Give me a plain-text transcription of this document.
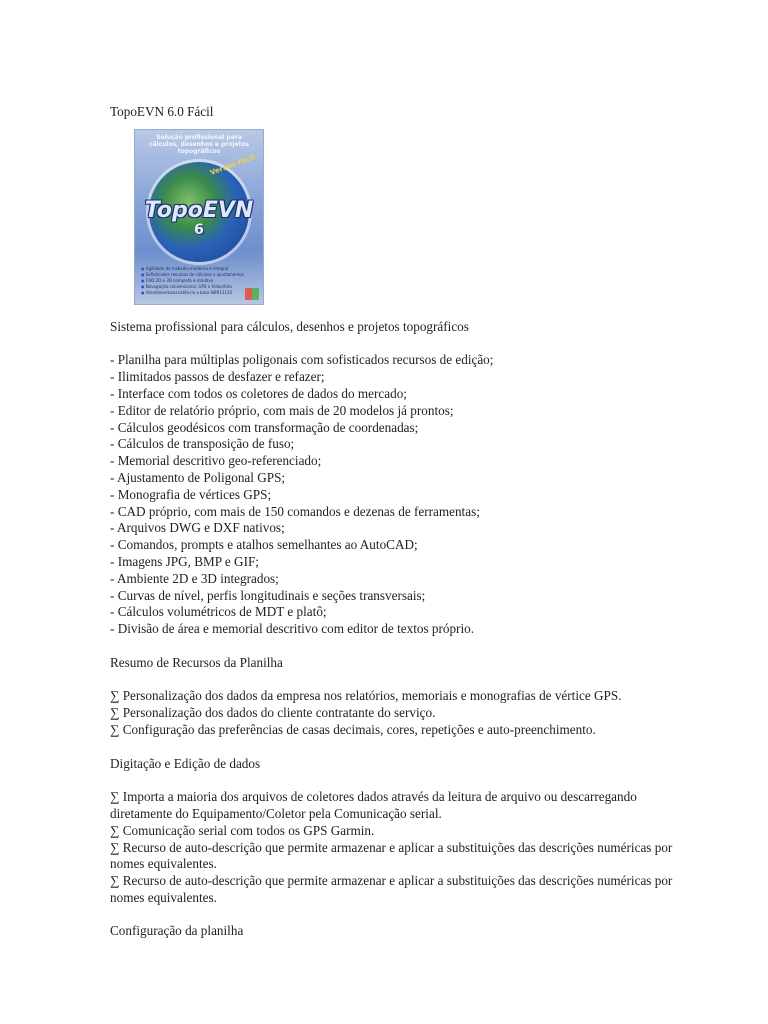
TopoEVN 6.0 Fácil
Solução profissional para cálculos, desenhos e projetos topográficos
Versão Fácil
TopoEVN
6
● Agilidade de trabalho moderna e integral
● Sofisticados recursos de cálculos e ajustamentos
● CAD 2D e 3D completo e intuitivo
● Navegação convencional, GPS e Vídeo/foto
● Atendimento/assistência a base NBR13133
Sistema profissional para cálculos, desenhos e projetos topográficos
- Planilha para múltiplas poligonais com sofisticados recursos de edição;
- Ilimitados passos de desfazer e refazer;
- Interface com todos os coletores de dados do mercado;
- Editor de relatório próprio, com mais de 20 modelos já prontos;
- Cálculos geodésicos com transformação de coordenadas;
- Cálculos de transposição de fuso;
- Memorial descritivo geo-referenciado;
- Ajustamento de Poligonal GPS;
- Monografia de vértices GPS;
- CAD próprio, com mais de 150 comandos e dezenas de ferramentas;
- Arquivos DWG e DXF nativos;
- Comandos, prompts e atalhos semelhantes ao AutoCAD;
- Imagens JPG, BMP e GIF;
- Ambiente 2D e 3D integrados;
- Curvas de nível, perfis longitudinais e seções transversais;
- Cálculos volumétricos de MDT e platô;
- Divisão de área e memorial descritivo com editor de textos próprio.
Resumo de Recursos da Planilha
∑ Personalização dos dados da empresa nos relatórios, memoriais e monografias de vértice GPS.
∑ Personalização dos dados do cliente contratante do serviço.
∑ Configuração das preferências de casas decimais, cores, repetições e auto-preenchimento.
Digitação e Edição de dados
∑ Importa a maioria dos arquivos de coletores dados através da leitura de arquivo ou descarregando diretamente do Equipamento/Coletor pela Comunicação serial.
∑ Comunicação serial com todos os GPS Garmin.
∑ Recurso de auto-descrição que permite armazenar e aplicar a substituições das descrições numéricas por nomes equivalentes.
∑ Recurso de auto-descrição que permite armazenar e aplicar a substituições das descrições numéricas por nomes equivalentes.
Configuração da planilha
